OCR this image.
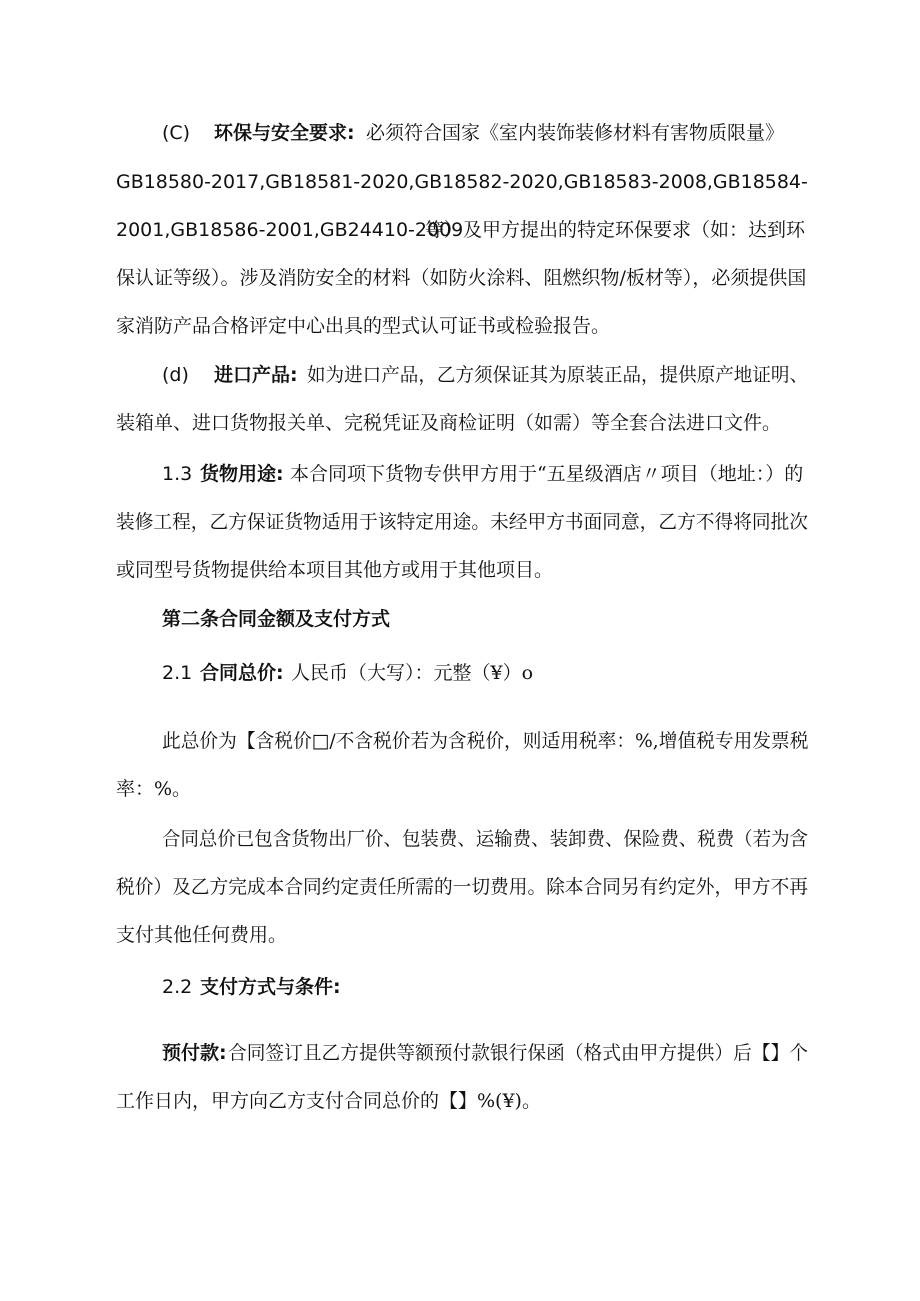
(C) 环保与安全要求: 必须符合国家《室内装饰装修材料有害物质限量》
GB18580-2017,GB18581-2020,GB18582-2020,GB18583-2008,GB18584-
2001,GB18586-2001,GB24410-2009
等）及甲方提出的特定环保要求（如：达到环
保认证等级）。涉及消防安全的材料（如防火涂料、阻燃织物/板材等），必须提供国
家消防产品合格评定中心出具的型式认可证书或检验报告。
(d) 进口产品: 如为进口产品，乙方须保证其为原装正品，提供原产地证明、
装箱单、进口货物报关单、完税凭证及商检证明（如需）等全套合法进口文件。
1.3 货物用途: 本合同项下货物专供甲方用于“五星级酒店〃项目（地址：）的
装修工程，乙方保证货物适用于该特定用途。未经甲方书面同意，乙方不得将同批次
或同型号货物提供给本项目其他方或用于其他项目。
第二条合同金额及支付方式
2.1 合同总价: 人民币（大写）：元整（¥）o
此总价为【含税价□/不含税价若为含税价，则适用税率：%,增值税专用发票税
率：%。
合同总价已包含货物出厂价、包装费、运输费、装卸费、保险费、税费（若为含
税价）及乙方完成本合同约定责任所需的一切费用。除本合同另有约定外，甲方不再
支付其他任何费用。
2.2 支付方式与条件:
预付款: 合同签订且乙方提供等额预付款银行保函（格式由甲方提供）后【】个
工作日内，甲方向乙方支付合同总价的【】%(¥)。
